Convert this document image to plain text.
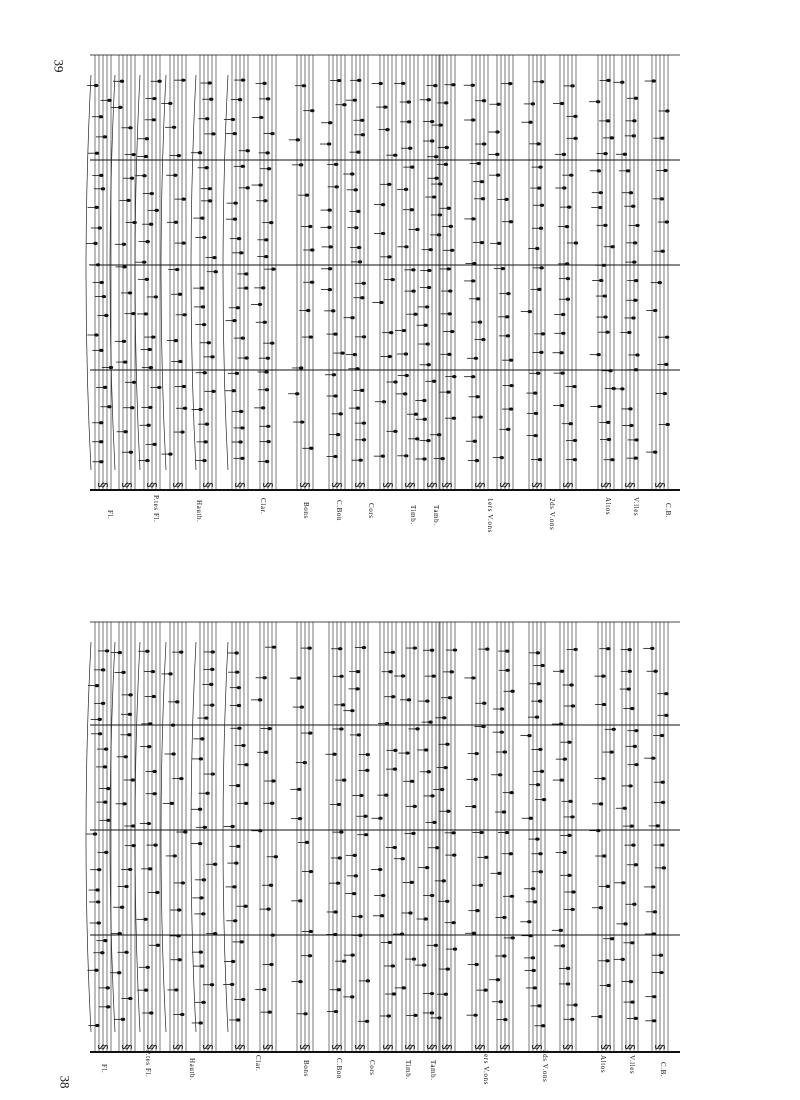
39
38
Fl.	P.tes Fl.	Hautb.	Clar.	Bons	C.Bon	Cors	Timb. Tamb.	1ers V.ons	2ds V.ons	Altos	V.lles	C.B.
Fl.	P.tes Fl.	Hautb.	Clar.	Bons	C.Bon	Cors	Timb. Tamb.	1ers V.ons	2ds V.ons	Altos	V.lles	C.B.
§ § § § § § § § § § § § § § § § § § § § §
§ § § § § § § § § § § § § § § § § § § § §
